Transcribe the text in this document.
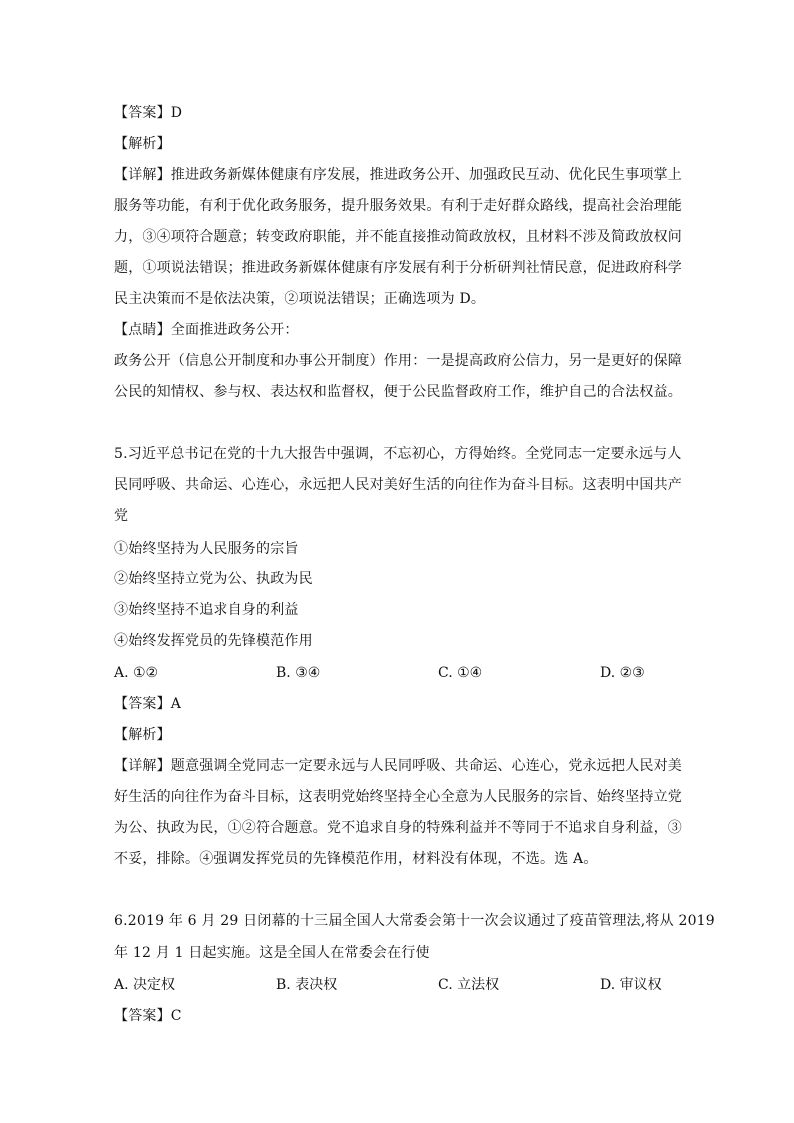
【答案】D
【解析】
【详解】推进政务新媒体健康有序发展，推进政务公开、加强政民互动、优化民生事项掌上
服务等功能，有利于优化政务服务，提升服务效果。有利于走好群众路线，提高社会治理能
力，③④项符合题意；转变政府职能，并不能直接推动简政放权，且材料不涉及简政放权问
题，①项说法错误；推进政务新媒体健康有序发展有利于分析研判社情民意，促进政府科学
民主决策而不是依法决策，②项说法错误；正确选项为 D。
【点睛】全面推进政务公开：
政务公开（信息公开制度和办事公开制度）作用：一是提高政府公信力，另一是更好的保障
公民的知情权、参与权、表达权和监督权，便于公民监督政府工作，维护自己的合法权益。
5.习近平总书记在党的十九大报告中强调，不忘初心，方得始终。全党同志一定要永远与人
民同呼吸、共命运、心连心，永远把人民对美好生活的向往作为奋斗目标。这表明中国共产
党
①始终坚持为人民服务的宗旨
②始终坚持立党为公、执政为民
③始终坚持不追求自身的利益
④始终发挥党员的先锋模范作用
A. ①②	B. ③④	C. ①④	D. ②③
【答案】A
【解析】
【详解】题意强调全党同志一定要永远与人民同呼吸、共命运、心连心，党永远把人民对美
好生活的向往作为奋斗目标，这表明党始终坚持全心全意为人民服务的宗旨、始终坚持立党
为公、执政为民，①②符合题意。党不追求自身的特殊利益并不等同于不追求自身利益，③
不妥，排除。④强调发挥党员的先锋模范作用，材料没有体现，不选。选 A。
6.2019 年 6 月 29 日闭幕的十三届全国人大常委会第十一次会议通过了疫苗管理法,将从 2019
年 12 月 1 日起实施。这是全国人在常委会在行使
A. 决定权	B. 表决权	C. 立法权	D. 审议权
【答案】C
